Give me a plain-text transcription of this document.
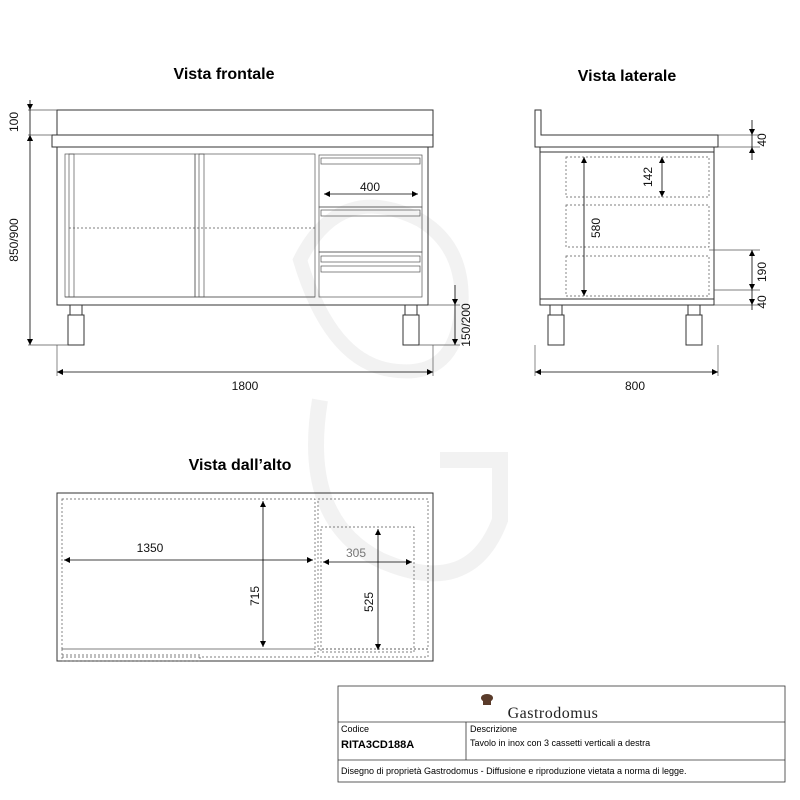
Vista frontale	Vista laterale
Vista dall’alto
400
100
850/900
150/200
1800
142
580
40
190
40
800
1350
715
305
525
Gastrodomus
Codice
RITA3CD188A
Descrizione
Tavolo in inox con 3 cassetti verticali a destra
Disegno di proprietà Gastrodomus - Diffusione e riproduzione vietata a norma di legge.
